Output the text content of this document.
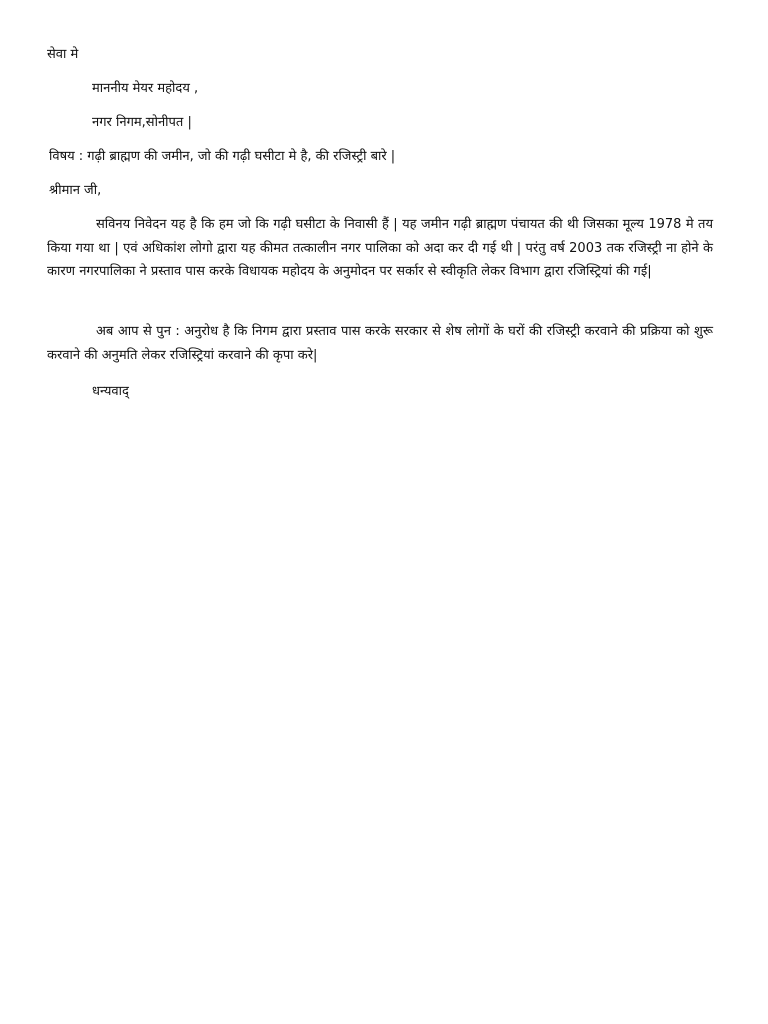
सेवा मे
माननीय मेयर महोदय ,
नगर निगम,सोनीपत |
विषय : गढ़ी ब्राह्मण की जमीन, जो की गढ़ी घसीटा मे है, की रजिस्ट्री बारे |
श्रीमान जी,
सविनय निवेदन यह है कि हम जो कि गढ़ी घसीटा के निवासी हैं | यह जमीन गढ़ी ब्राह्मण पंचायत की थी जिसका मूल्य 1978 मे तय किया गया था | एवं अधिकांश लोगो द्वारा यह कीमत तत्कालीन नगर पालिका को अदा कर दी गई थी | परंतु वर्ष 2003 तक रजिस्ट्री ना होने के कारण नगरपालिका ने प्रस्ताव पास करके विधायक महोदय के अनुमोदन पर सर्कार से स्वीकृति लेकर विभाग द्वारा रजिस्ट्रियां की गई|
अब आप से पुन : अनुरोध है कि निगम द्वारा प्रस्ताव पास करके सरकार से शेष लोगों के घरों की रजिस्ट्री करवाने की प्रक्रिया को शुरू करवाने की अनुमति लेकर रजिस्ट्रियां करवाने की कृपा करे|
धन्यवाद्
